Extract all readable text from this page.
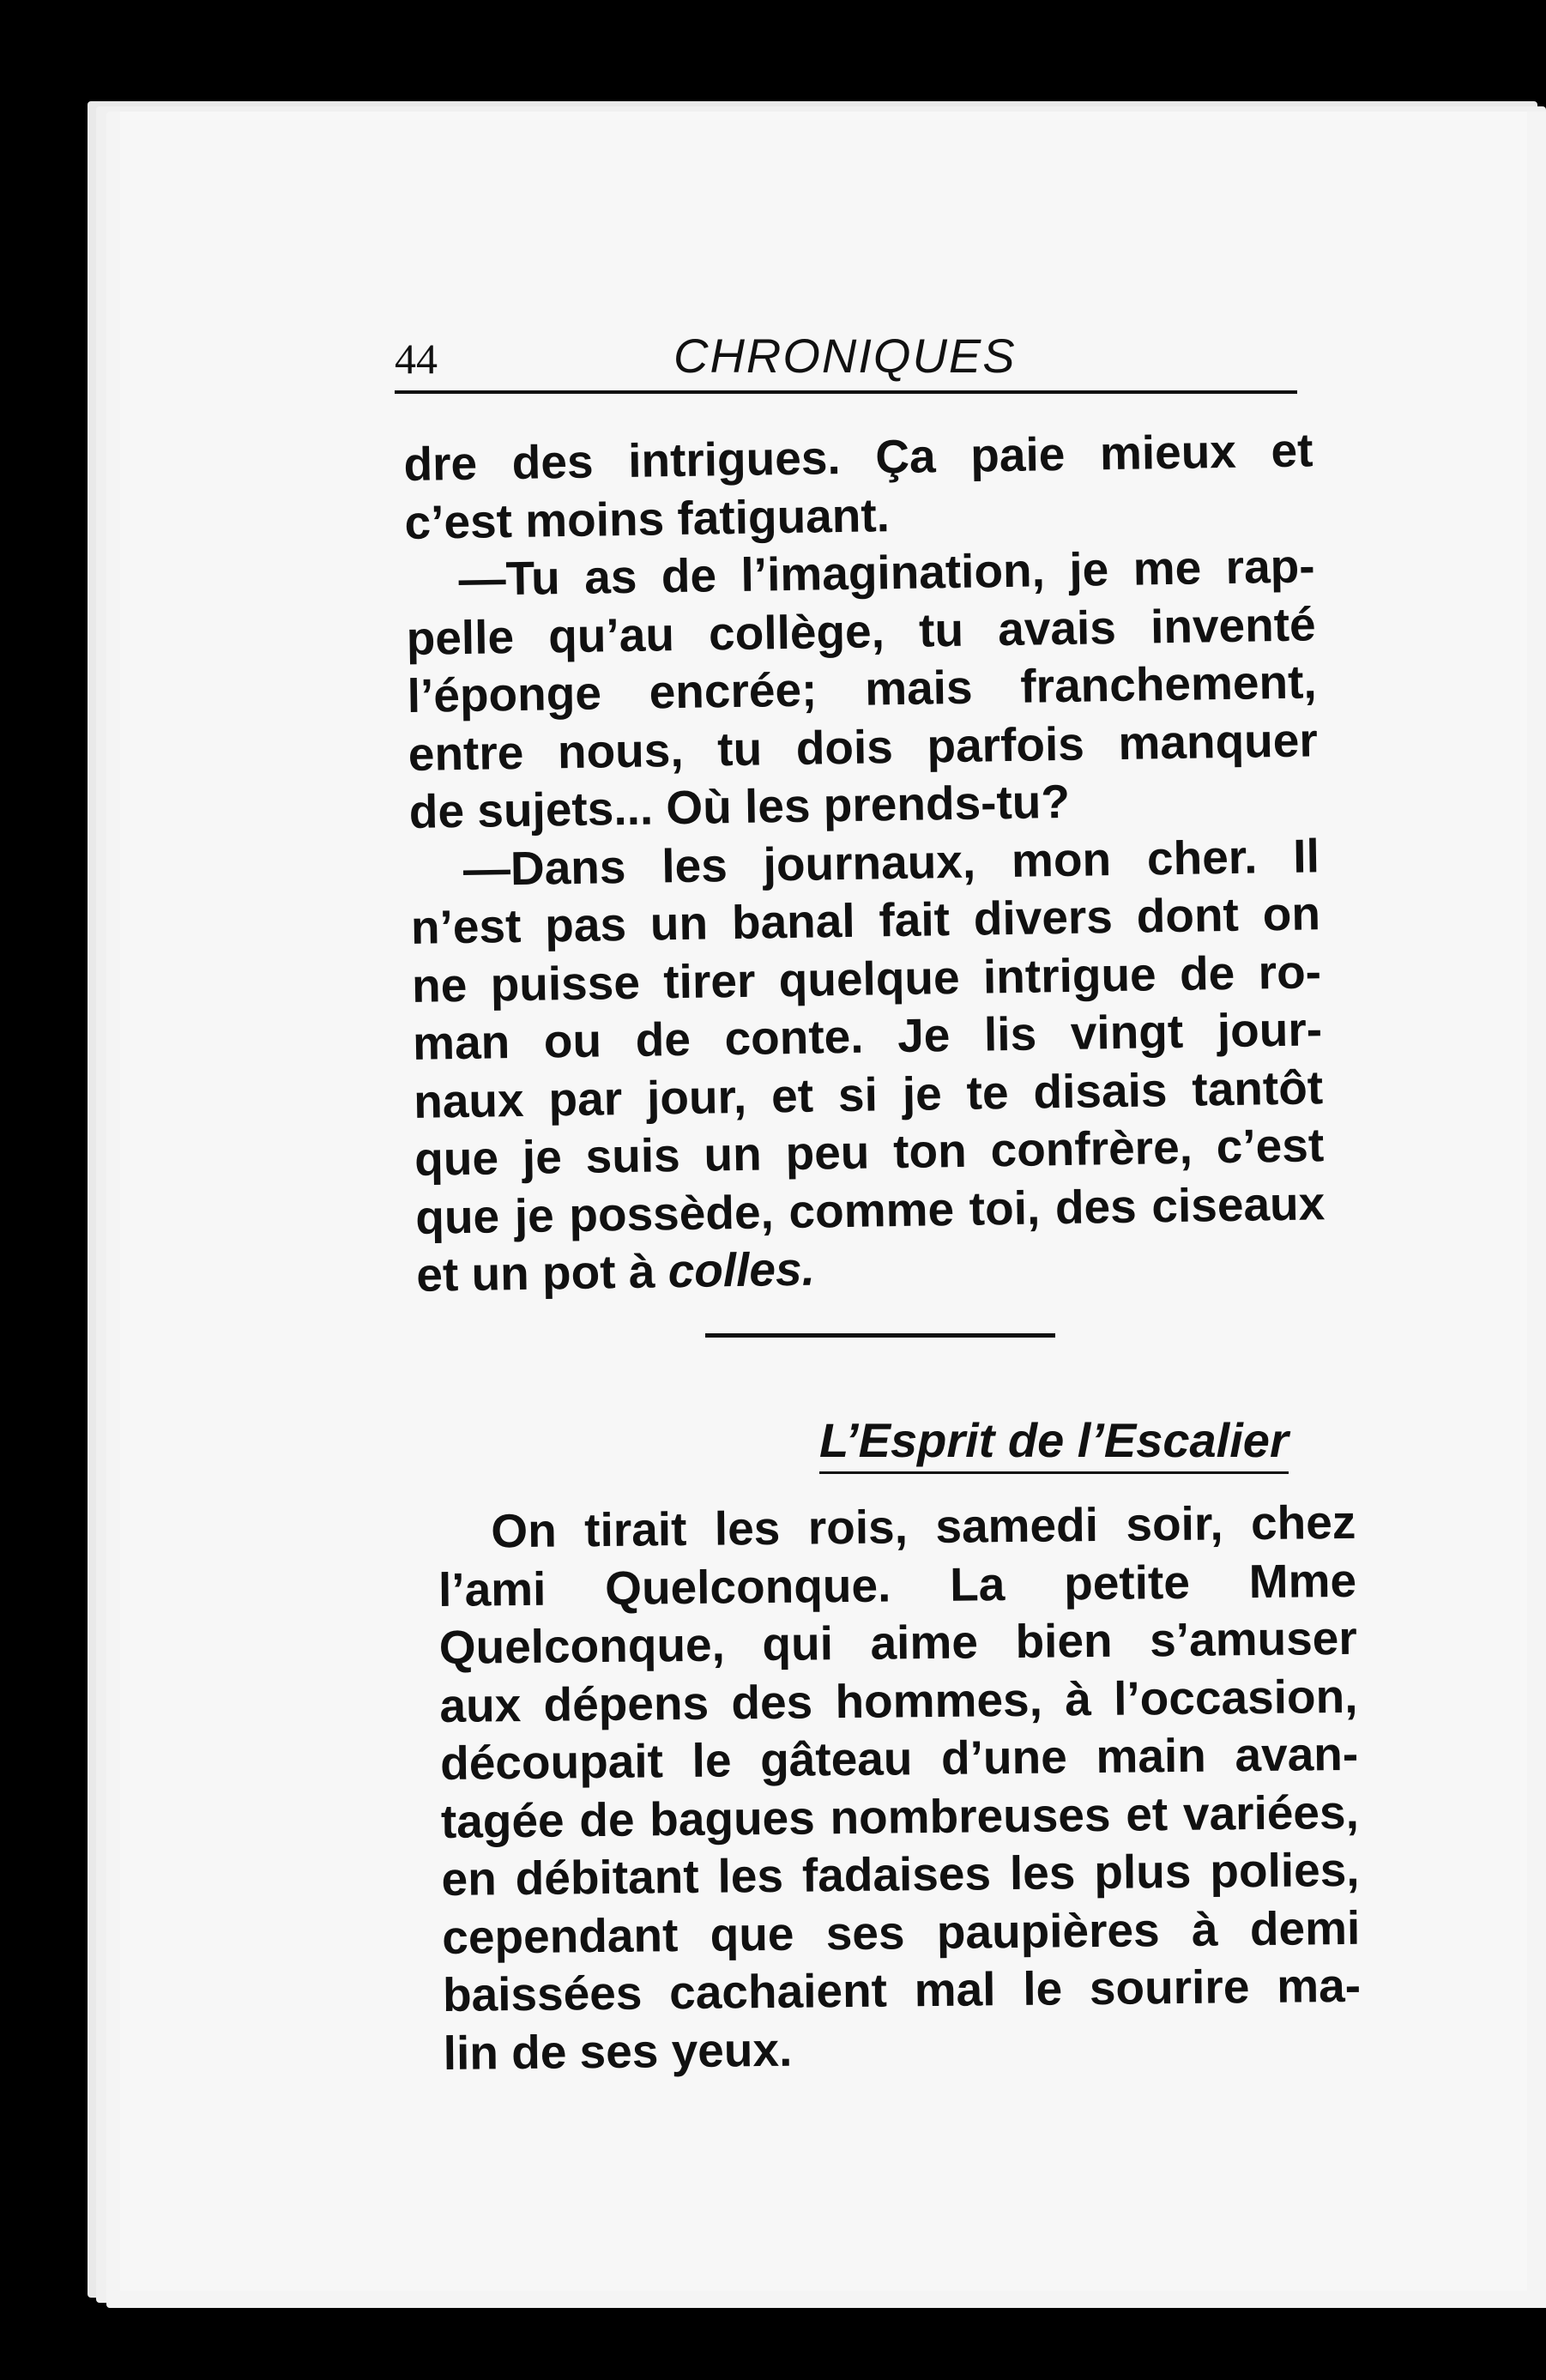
44	CHRONIQUES
dre des intrigues. Ça paie mieux et
c’est moins fatiguant.
—Tu as de l’imagination, je me rap-
pelle qu’au collège, tu avais inventé
l’éponge encrée; mais franchement,
entre nous, tu dois parfois manquer
de sujets... Où les prends-tu?
—Dans les journaux, mon cher. Il
n’est pas un banal fait divers dont on
ne puisse tirer quelque intrigue de ro-
man ou de conte. Je lis vingt jour-
naux par jour, et si je te disais tantôt
que je suis un peu ton confrère, c’est
que je possède, comme toi, des ciseaux
et un pot à colles.
L’Esprit de l’Escalier
On tirait les rois, samedi soir, chez
l’ami Quelconque. La petite Mme
Quelconque, qui aime bien s’amuser
aux dépens des hommes, à l’occasion,
découpait le gâteau d’une main avan-
tagée de bagues nombreuses et variées,
en débitant les fadaises les plus polies,
cependant que ses paupières à demi
baissées cachaient mal le sourire ma-
lin de ses yeux.
